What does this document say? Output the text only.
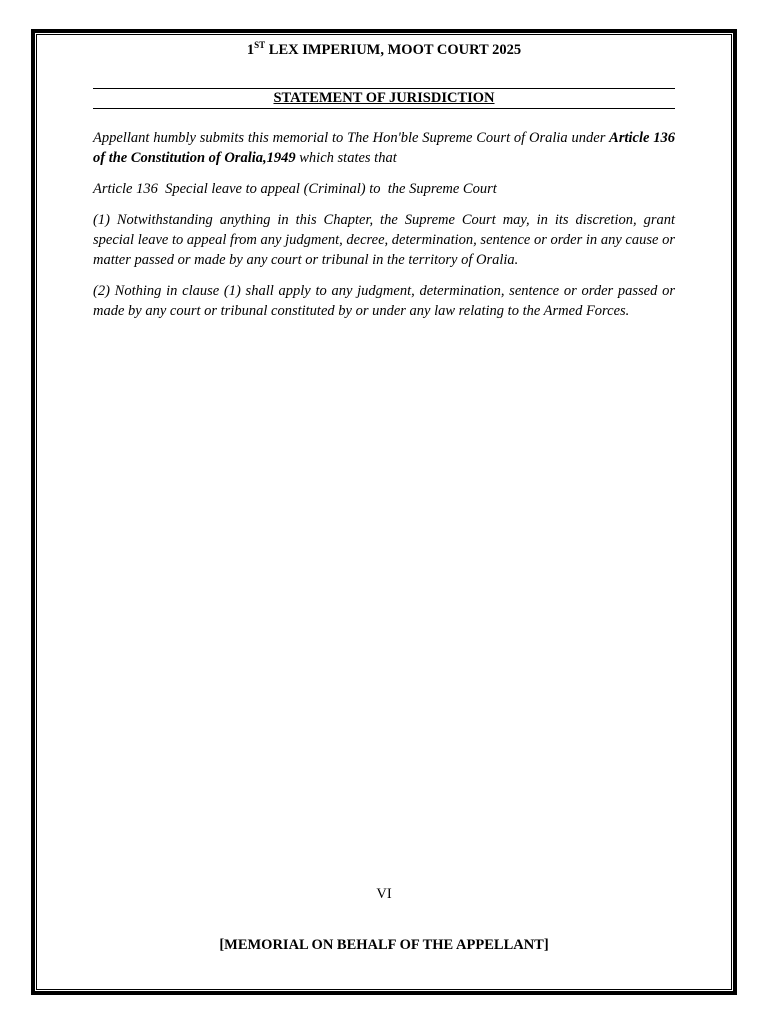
1ST LEX IMPERIUM, MOOT COURT 2025
STATEMENT OF JURISDICTION

Appellant humbly submits this memorial to The Hon'ble Supreme Court of Oralia under Article 136 of the Constitution of Oralia,1949 which states that

Article 136  Special leave to appeal (Criminal) to  the Supreme Court

(1) Notwithstanding anything in this Chapter, the Supreme Court may, in its discretion, grant special leave to appeal from any judgment, decree, determination, sentence or order in any cause or matter passed or made by any court or tribunal in the territory of Oralia.

(2) Nothing in clause (1) shall apply to any judgment, determination, sentence or order passed or made by any court or tribunal constituted by or under any law relating to the Armed Forces.

VI
[MEMORIAL ON BEHALF OF THE APPELLANT]
